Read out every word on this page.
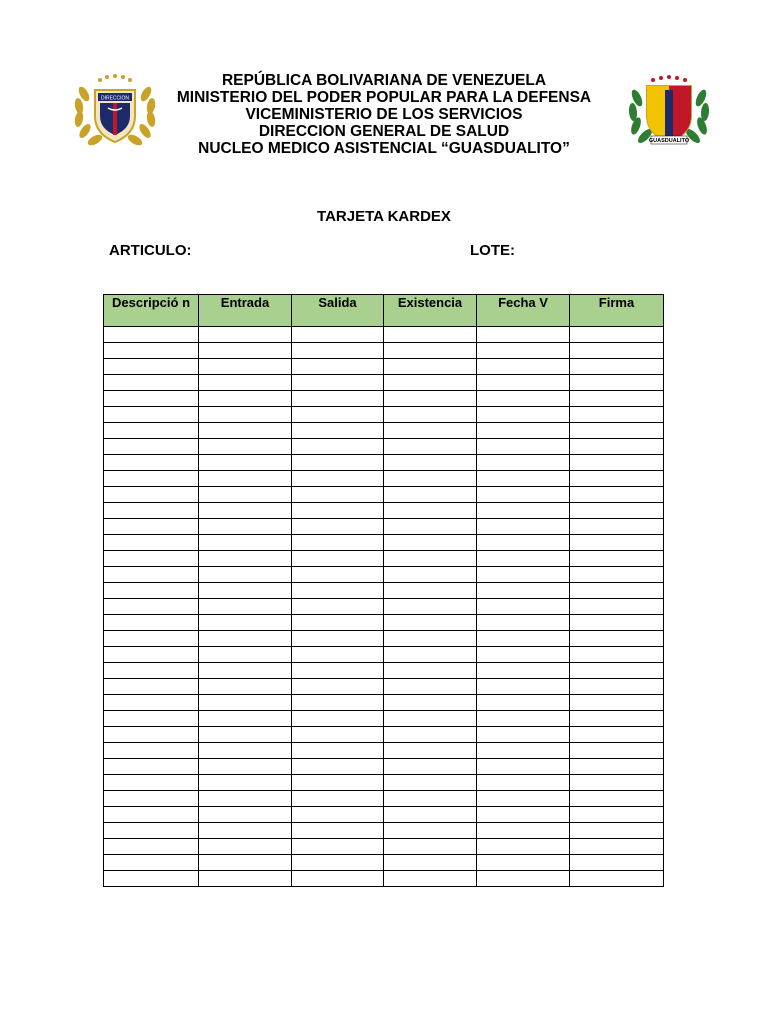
DIRECCION
REPÚBLICA BOLIVARIANA DE VENEZUELA
MINISTERIO DEL PODER POPULAR PARA LA DEFENSA
VICEMINISTERIO DE LOS SERVICIOS
DIRECCION GENERAL DE SALUD
NUCLEO MEDICO ASISTENCIAL “GUASDUALITO”	GUASDUALITO
TARJETA KARDEX
ARTICULO:	LOTE:
Descripció n	Entrada	Salida	Existencia	Fecha V	Firma
